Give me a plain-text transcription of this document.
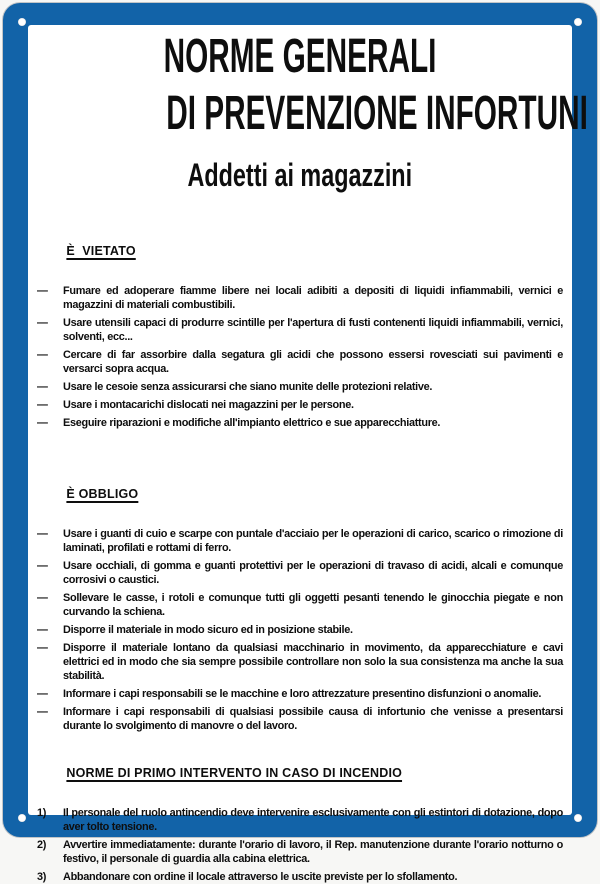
NORME GENERALI
DI PREVENZIONE INFORTUNI
Addetti ai magazzini

È  VIETATO

—	Fumare ed adoperare fiamme libere nei locali adibiti a depositi di liquidi infiammabili, vernici e magazzini di materiali combustibili.
—	Usare utensili capaci di produrre scintille per l'apertura di fusti contenenti liquidi infiammabili, vernici, solventi, ecc...
—	Cercare di far assorbire dalla segatura gli acidi che possono essersi rovesciati sui pavimenti e versarci sopra acqua.
—	Usare le cesoie senza assicurarsi che siano munite delle protezioni relative.
—	Usare i montacarichi dislocati nei magazzini per le persone.
—	Eseguire riparazioni e modifiche all'impianto elettrico e sue apparecchiatture.

È OBBLIGO

—	Usare i guanti di cuio e scarpe con puntale d'acciaio per le operazioni di carico, scarico o rimozione di laminati, profilati e rottami di ferro.
—	Usare occhiali, di gomma e guanti protettivi per le operazioni di travaso di acidi, alcali e comunque corrosivi o caustici.
—	Sollevare le casse, i rotoli e comunque tutti gli oggetti pesanti tenendo le ginocchia piegate e non curvando la schiena.
—	Disporre il materiale in modo sicuro ed in posizione stabile.
—	Disporre il materiale lontano da qualsiasi macchinario in movimento, da apparecchiature e cavi elettrici ed in modo che sia sempre possibile controllare non solo la sua consistenza ma anche la sua stabilità.
—	Informare i capi responsabili se le macchine e loro attrezzature presentino disfunzioni o anomalie.
—	Informare i capi responsabili di qualsiasi possibile causa di infortunio che venisse a presentarsi durante lo svolgimento di manovre o del lavoro.

NORME DI PRIMO INTERVENTO IN CASO DI INCENDIO

1)	Il personale del ruolo antincendio deve intervenire esclusivamente con gli estintori di dotazione, dopo aver tolto tensione.
2)	Avvertire immediatamente: durante l'orario di lavoro, il Rep. manutenzione durante l'orario notturno o festivo, il personale di guardia alla cabina elettrica.
3)	Abbandonare con ordine il locale attraverso le uscite previste per lo sfollamento.
